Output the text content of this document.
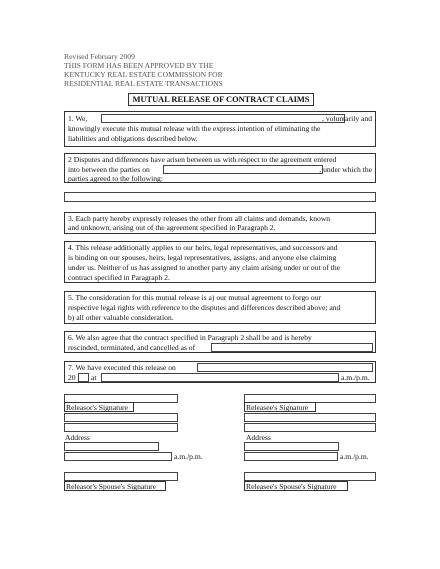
Revised February 2009
THIS FORM HAS BEEN APPROVED BY THE
KENTUCKY REAL ESTATE COMMISSION FOR
RESIDENTIAL REAL ESTATE TRANSACTIONS
MUTUAL RELEASE OF CONTRACT CLAIMS
1. We,	, voluntarily and
knowingly execute this mutual release with the express intention of eliminating the
liabilities and obligations described below.
2 Disputes and differences have arisen between us with respect to the agreement entered
into between the parties on	, under which the
parties agreed to the following:
3. Each party hereby expressly releases the other from all claims and demands, known
and unknown, arising out of the agreement specified in Paragraph 2.
4. This release additionally applies to our heirs, legal representatives, and successors and
is binding on our spouses, heirs, legal representatives, assigns, and anyone else claiming
under us. Neither of us has assigned to another party any claim arising under or out of the
contract specified in Paragraph 2.
5. The consideration for this mutual release is a) our mutual agreement to forgo our
respective legal rights with reference to the disputes and differences described above; and
b) all other valuable consideration.
6. We also agree that the contract specified in Paragraph 2 shall be and is hereby
rescinded, terminated, and cancelled as of
7. We have executed this release on
20 at	a.m./p.m.
Releasor's Signature
Address
a.m./p.m.
Releasor's Spouse's Signature
Releasee's Signature
Address
a.m./p.m.
Releasee's Spouse's Signature
